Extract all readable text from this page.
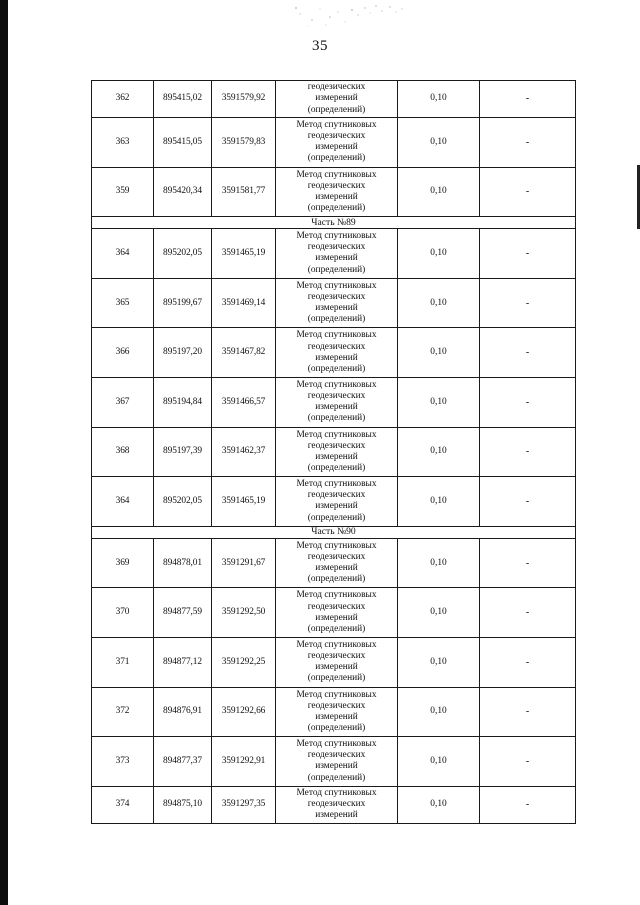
35
362	895415,02	3591579,92	геодезических
измерений
(определений)	0,10	-
363	895415,05	3591579,83	Метод спутниковых
геодезических
измерений
(определений)	0,10	-
359	895420,34	3591581,77	Метод спутниковых
геодезических
измерений
(определений)	0,10	-
Часть №89					
364	895202,05	3591465,19	Метод спутниковых
геодезических
измерений
(определений)	0,10	-
365	895199,67	3591469,14	Метод спутниковых
геодезических
измерений
(определений)	0,10	-
366	895197,20	3591467,82	Метод спутниковых
геодезических
измерений
(определений)	0,10	-
367	895194,84	3591466,57	Метод спутниковых
геодезических
измерений
(определений)	0,10	-
368	895197,39	3591462,37	Метод спутниковых
геодезических
измерений
(определений)	0,10	-
364	895202,05	3591465,19	Метод спутниковых
геодезических
измерений
(определений)	0,10	-
Часть №90					
369	894878,01	3591291,67	Метод спутниковых
геодезических
измерений
(определений)	0,10	-
370	894877,59	3591292,50	Метод спутниковых
геодезических
измерений
(определений)	0,10	-
371	894877,12	3591292,25	Метод спутниковых
геодезических
измерений
(определений)	0,10	-
372	894876,91	3591292,66	Метод спутниковых
геодезических
измерений
(определений)	0,10	-
373	894877,37	3591292,91	Метод спутниковых
геодезических
измерений
(определений)	0,10	-
374	894875,10	3591297,35	Метод спутниковых
геодезических
измерений	0,10	-
